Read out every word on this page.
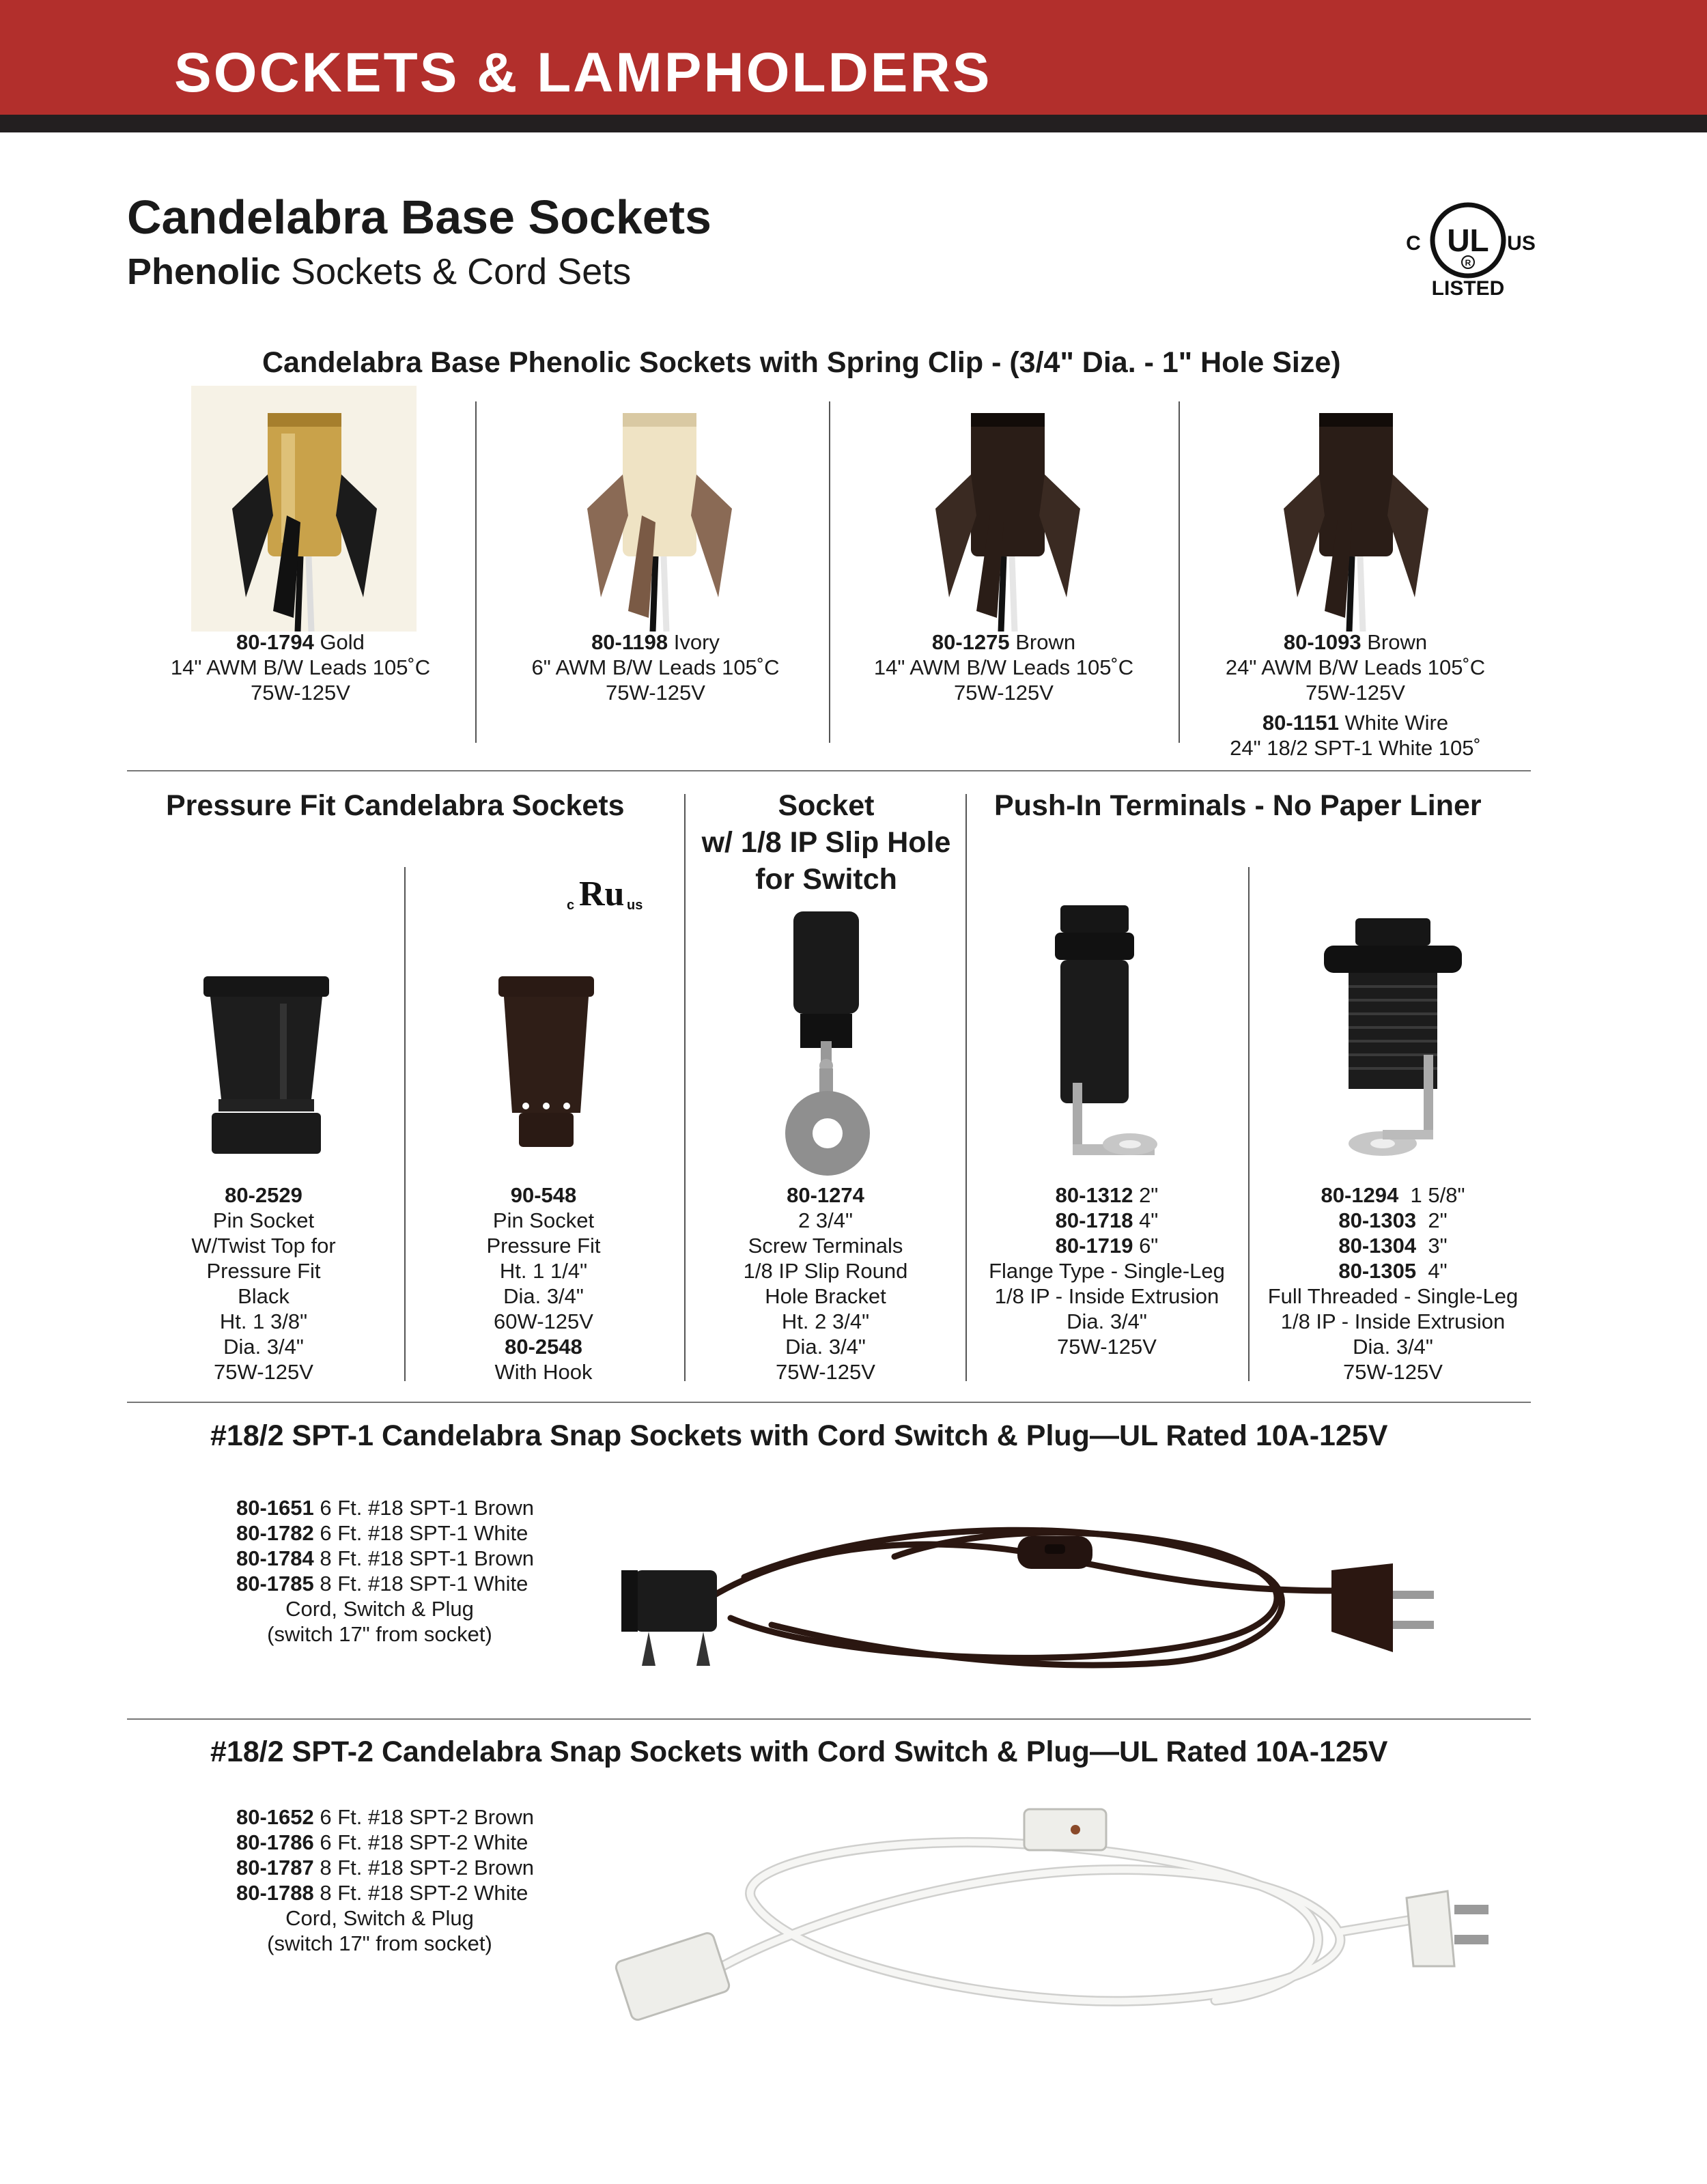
SOCKETS & LAMPHOLDERS
Candelabra Base Sockets
Phenolic Sockets & Cord Sets
UL
R
C	US
LISTED
Candelabra Base Phenolic Sockets with Spring Clip - (3/4" Dia. - 1" Hole Size)
80-1794 Gold
14" AWM B/W Leads 105˚C
75W-125V
80-1198 Ivory
6" AWM B/W Leads 105˚C
75W-125V
80-1275 Brown
14" AWM B/W Leads 105˚C
75W-125V
80-1093 Brown
24" AWM B/W Leads 105˚C
75W-125V
80-1151 White Wire
24" 18/2 SPT-1 White 105˚
Pressure Fit Candelabra Sockets	Socket
w/ 1/8 IP Slip Hole
for Switch
Push-In Terminals - No Paper Liner
c Ru us
80-2529
Pin Socket
W/Twist Top for
Pressure Fit
Black
Ht. 1 3/8"
Dia. 3/4"
75W-125V
90-548
Pin Socket
Pressure Fit
Ht. 1 1/4"
Dia. 3/4"
60W-125V
80-2548
With Hook
80-1274
2 3/4"
Screw Terminals
1/8 IP Slip Round
Hole Bracket
Ht. 2 3/4"
Dia. 3/4"
75W-125V
80-1312 2"
80-1718 4"
80-1719 6"
Flange Type - Single-Leg
1/8 IP - Inside Extrusion
Dia. 3/4"
75W-125V
80-1294  1 5/8"
80-1303  2"
80-1304  3"
80-1305  4"
Full Threaded - Single-Leg
1/8 IP - Inside Extrusion
Dia. 3/4"
75W-125V
#18/2 SPT-1 Candelabra Snap Sockets with Cord Switch & Plug—UL Rated 10A-125V
80-1651 6 Ft. #18 SPT-1 Brown
80-1782 6 Ft. #18 SPT-1 White
80-1784 8 Ft. #18 SPT-1 Brown
80-1785 8 Ft. #18 SPT-1 White
Cord, Switch & Plug
(switch 17" from socket)
#18/2 SPT-2 Candelabra Snap Sockets with Cord Switch & Plug—UL Rated 10A-125V
80-1652 6 Ft. #18 SPT-2 Brown
80-1786 6 Ft. #18 SPT-2 White
80-1787 8 Ft. #18 SPT-2 Brown
80-1788 8 Ft. #18 SPT-2 White
Cord, Switch & Plug
(switch 17" from socket)
